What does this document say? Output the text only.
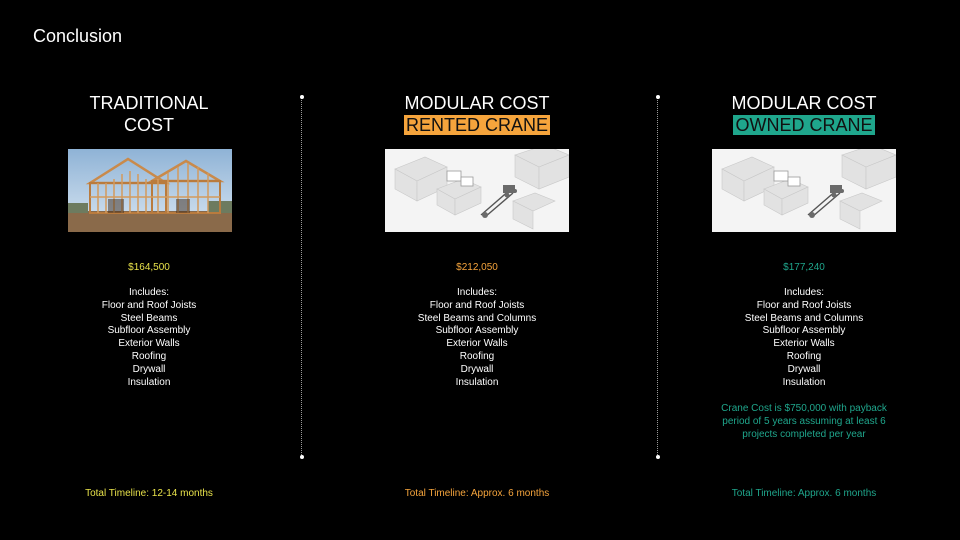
Conclusion
TRADITIONAL
COST
$164,500
Includes:
Floor and Roof Joists
Steel Beams
Subfloor Assembly
Exterior Walls
Roofing
Drywall
Insulation
Total Timeline: 12-14 months
MODULAR COST
RENTED CRANE
$212,050
Includes:
Floor and Roof Joists
Steel Beams and Columns
Subfloor Assembly
Exterior Walls
Roofing
Drywall
Insulation
Total Timeline: Approx. 6 months
MODULAR COST
OWNED CRANE
$177,240
Includes:
Floor and Roof Joists
Steel Beams and Columns
Subfloor Assembly
Exterior Walls
Roofing
Drywall
Insulation
Crane Cost is $750,000 with payback
period of 5 years assuming at least 6
projects completed per year
Total Timeline: Approx. 6 months
